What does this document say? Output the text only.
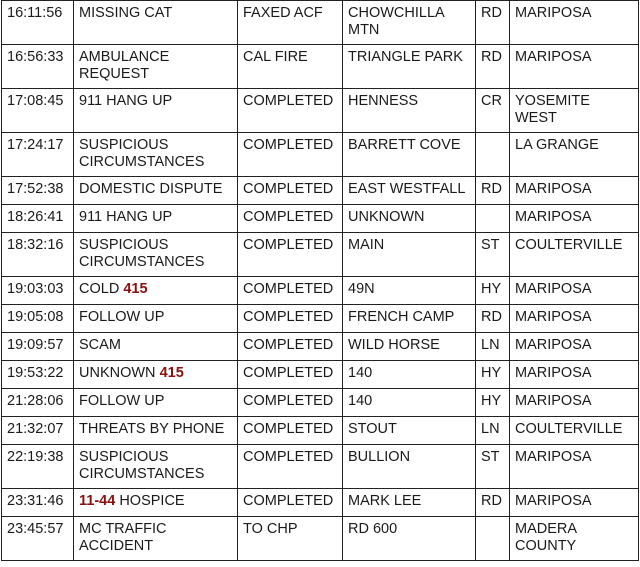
16:11:56	MISSING CAT	FAXED ACF	CHOWCHILLA MTN	RD	MARIPOSA
16:56:33	AMBULANCE REQUEST	CAL FIRE	TRIANGLE PARK	RD	MARIPOSA
17:08:45	911 HANG UP	COMPLETED	HENNESS	CR	YOSEMITE WEST
17:24:17	SUSPICIOUS CIRCUMSTANCES	COMPLETED	BARRETT COVE		LA GRANGE
17:52:38	DOMESTIC DISPUTE	COMPLETED	EAST WESTFALL	RD	MARIPOSA
18:26:41	911 HANG UP	COMPLETED	UNKNOWN		MARIPOSA
18:32:16	SUSPICIOUS CIRCUMSTANCES	COMPLETED	MAIN	ST	COULTERVILLE
19:03:03	COLD 415	COMPLETED	49N	HY	MARIPOSA
19:05:08	FOLLOW UP	COMPLETED	FRENCH CAMP	RD	MARIPOSA
19:09:57	SCAM	COMPLETED	WILD HORSE	LN	MARIPOSA
19:53:22	UNKNOWN 415	COMPLETED	140	HY	MARIPOSA
21:28:06	FOLLOW UP	COMPLETED	140	HY	MARIPOSA
21:32:07	THREATS BY PHONE	COMPLETED	STOUT	LN	COULTERVILLE
22:19:38	SUSPICIOUS CIRCUMSTANCES	COMPLETED	BULLION	ST	MARIPOSA
23:31:46	11-44 HOSPICE	COMPLETED	MARK LEE	RD	MARIPOSA
23:45:57	MC TRAFFIC ACCIDENT	TO CHP	RD 600		MADERA COUNTY
